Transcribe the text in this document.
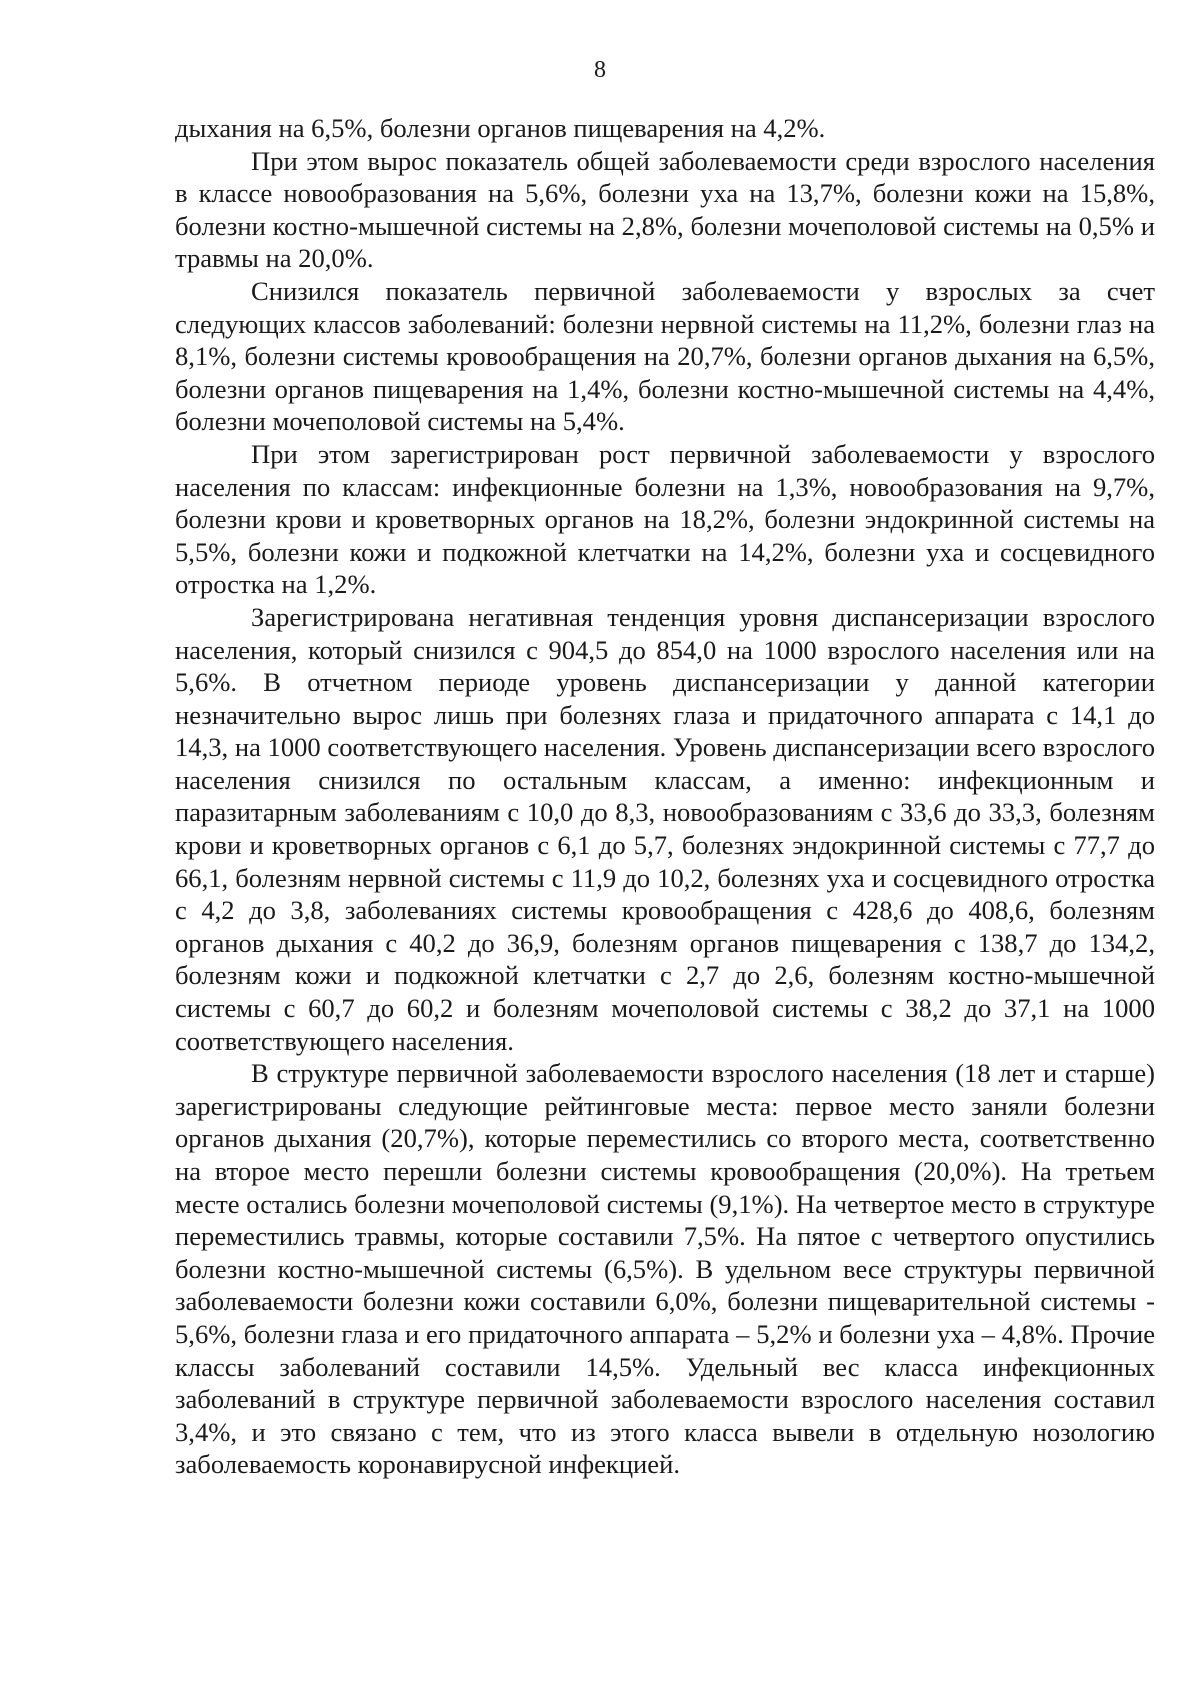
8

дыхания на 6,5%, болезни органов пищеварения на 4,2%.

При этом вырос показатель общей заболеваемости среди взрослого населения в классе новообразования на 5,6%, болезни уха на 13,7%, болезни кожи на 15,8%, болезни костно-мышечной системы на 2,8%, болезни мочеполовой системы на 0,5% и травмы на 20,0%.

Снизился показатель первичной заболеваемости у взрослых за счет следующих классов заболеваний: болезни нервной системы на 11,2%, болезни глаз на 8,1%, болезни системы кровообращения на 20,7%, болезни органов дыхания на 6,5%, болезни органов пищеварения на 1,4%, болезни костно-мышечной системы на 4,4%, болезни мочеполовой системы на 5,4%.

При этом зарегистрирован рост первичной заболеваемости у взрослого населения по классам: инфекционные болезни на 1,3%, новообразования на 9,7%, болезни крови и кроветворных органов на 18,2%, болезни эндокринной системы на 5,5%, болезни кожи и подкожной клетчатки на 14,2%, болезни уха и сосцевидного отростка на 1,2%.

Зарегистрирована негативная тенденция уровня диспансеризации взрослого населения, который снизился с 904,5 до 854,0 на 1000 взрослого населения или на 5,6%. В отчетном периоде уровень диспансеризации у данной категории незначительно вырос лишь при болезнях глаза и придаточного аппарата с 14,1 до 14,3, на 1000 соответствующего населения. Уровень диспансеризации всего взрослого населения снизился по остальным классам, а именно: инфекционным и паразитарным заболеваниям с 10,0 до 8,3, новообразованиям с 33,6 до 33,3, болезням крови и кроветворных органов с 6,1 до 5,7, болезнях эндокринной системы с 77,7 до 66,1, болезням нервной системы с 11,9 до 10,2, болезнях уха и сосцевидного отростка с 4,2 до 3,8, заболеваниях системы кровообращения с 428,6 до 408,6, болезням органов дыхания с 40,2 до 36,9, болезням органов пищеварения с 138,7 до 134,2, болезням кожи и подкожной клетчатки с 2,7 до 2,6, болезням костно-мышечной системы с 60,7 до 60,2 и болезням мочеполовой системы с 38,2 до 37,1 на 1000 соответствующего населения.

В структуре первичной заболеваемости взрослого населения (18 лет и старше) зарегистрированы следующие рейтинговые места: первое место заняли болезни органов дыхания (20,7%), которые переместились со второго места, соответственно на второе место перешли болезни системы кровообращения (20,0%). На третьем месте остались болезни мочеполовой системы (9,1%). На четвертое место в структуре переместились травмы, которые составили 7,5%. На пятое с четвертого опустились болезни костно-мышечной системы (6,5%). В удельном весе структуры первичной заболеваемости болезни кожи составили 6,0%, болезни пищеварительной системы - 5,6%, болезни глаза и его придаточного аппарата – 5,2% и болезни уха – 4,8%. Прочие классы заболеваний составили 14,5%. Удельный вес класса инфекционных заболеваний в структуре первичной заболеваемости взрослого населения составил 3,4%, и это связано с тем, что из этого класса вывели в отдельную нозологию заболеваемость коронавирусной инфекцией.
